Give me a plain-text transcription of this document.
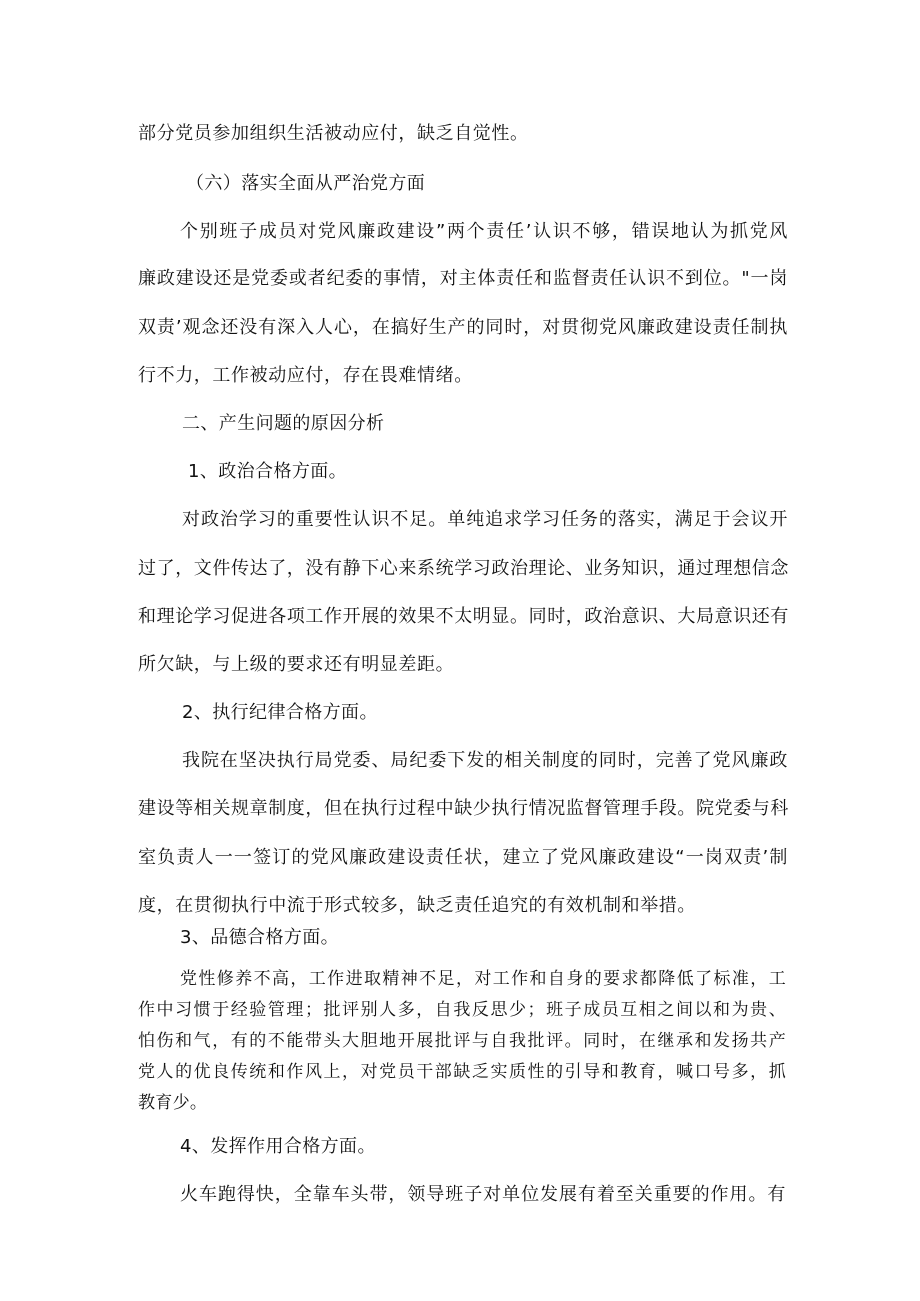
部分党员参加组织生活被动应付，缺乏自觉性。
（六）落实全面从严治党方面
个别班子成员对党风廉政建设”两个责任’认识不够，错误地认为抓党风
廉政建设还是党委或者纪委的事情，对主体责任和监督责任认识不到位。"一岗
双责’观念还没有深入人心，在搞好生产的同时，对贯彻党风廉政建设责任制执
行不力，工作被动应付，存在畏难情绪。
二、产生问题的原因分析
1、政治合格方面。
对政治学习的重要性认识不足。单纯追求学习任务的落实，满足于会议开
过了，文件传达了，没有静下心来系统学习政治理论、业务知识，通过理想信念
和理论学习促进各项工作开展的效果不太明显。同时，政治意识、大局意识还有
所欠缺，与上级的要求还有明显差距。
2、执行纪律合格方面。
我院在坚决执行局党委、局纪委下发的相关制度的同时，完善了党风廉政
建设等相关规章制度，但在执行过程中缺少执行情况监督管理手段。院党委与科
室负责人一一签订的党风廉政建设责任状，建立了党风廉政建设“一岗双责’制
度，在贯彻执行中流于形式较多，缺乏责任追究的有效机制和举措。
3、品德合格方面。
党性修养不高，工作进取精神不足，对工作和自身的要求都降低了标准，工
作中习惯于经验管理；批评别人多，自我反思少；班子成员互相之间以和为贵、
怕伤和气，有的不能带头大胆地开展批评与自我批评。同时，在继承和发扬共产
党人的优良传统和作风上，对党员干部缺乏实质性的引导和教育，喊口号多，抓
教育少。
4、发挥作用合格方面。
火车跑得快，全靠车头带，领导班子对单位发展有着至关重要的作用。有
